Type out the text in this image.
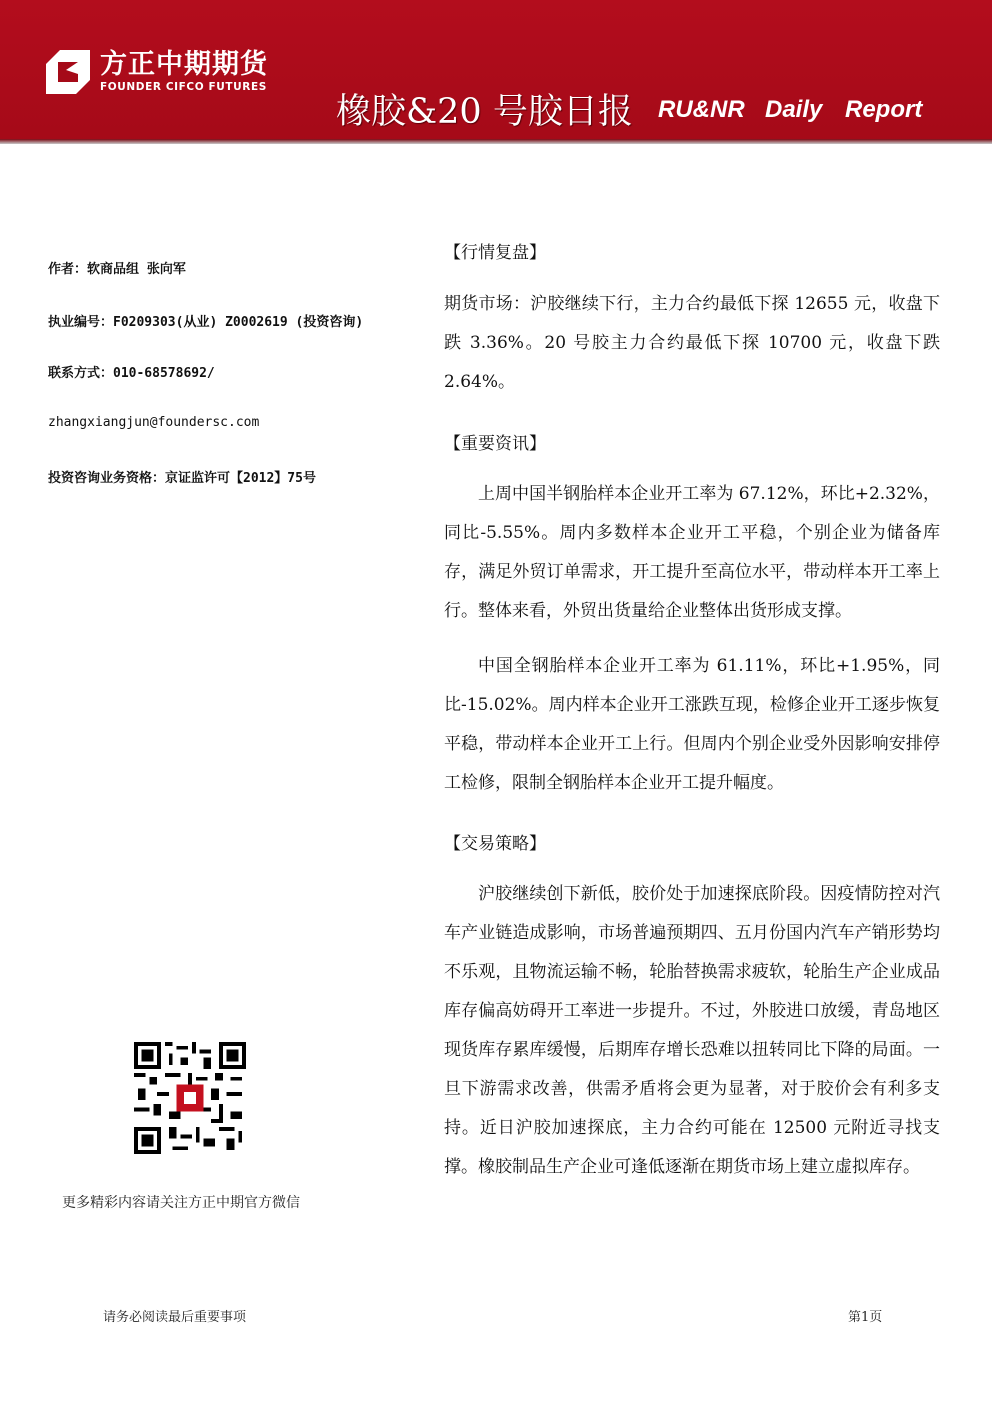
方正中期期货
FOUNDER CIFCO FUTURES
橡胶&20 号胶日报 RU&NR Daily Report
作者：软商品组 张向军
执业编号：F0209303(从业) Z0002619 (投资咨询)
联系方式：010-68578692/
zhangxiangjun@foundersc.com
投资咨询业务资格：京证监许可【2012】75号
【行情复盘】

期货市场：沪胶继续下行，主力合约最低下探 12655 元，收盘下跌 3.36%。20 号胶主力合约最低下探 10700 元，收盘下跌 2.64%。

【重要资讯】

上周中国半钢胎样本企业开工率为 67.12%，环比+2.32%，同比-5.55%。周内多数样本企业开工平稳，个别企业为储备库存，满足外贸订单需求，开工提升至高位水平，带动样本开工率上行。整体来看，外贸出货量给企业整体出货形成支撑。

中国全钢胎样本企业开工率为 61.11%，环比+1.95%，同比-15.02%。周内样本企业开工涨跌互现，检修企业开工逐步恢复平稳，带动样本企业开工上行。但周内个别企业受外因影响安排停工检修，限制全钢胎样本企业开工提升幅度。

【交易策略】

沪胶继续创下新低，胶价处于加速探底阶段。因疫情防控对汽车产业链造成影响，市场普遍预期四、五月份国内汽车产销形势均不乐观，且物流运输不畅，轮胎替换需求疲软，轮胎生产企业成品库存偏高妨碍开工率进一步提升。不过，外胶进口放缓，青岛地区现货库存累库缓慢，后期库存增长恐难以扭转同比下降的局面。一旦下游需求改善，供需矛盾将会更为显著，对于胶价会有利多支持。近日沪胶加速探底，主力合约可能在 12500 元附近寻找支撑。橡胶制品生产企业可逢低逐渐在期货市场上建立虚拟库存。

更多精彩内容请关注方正中期官方微信
请务必阅读最后重要事项	第1页
